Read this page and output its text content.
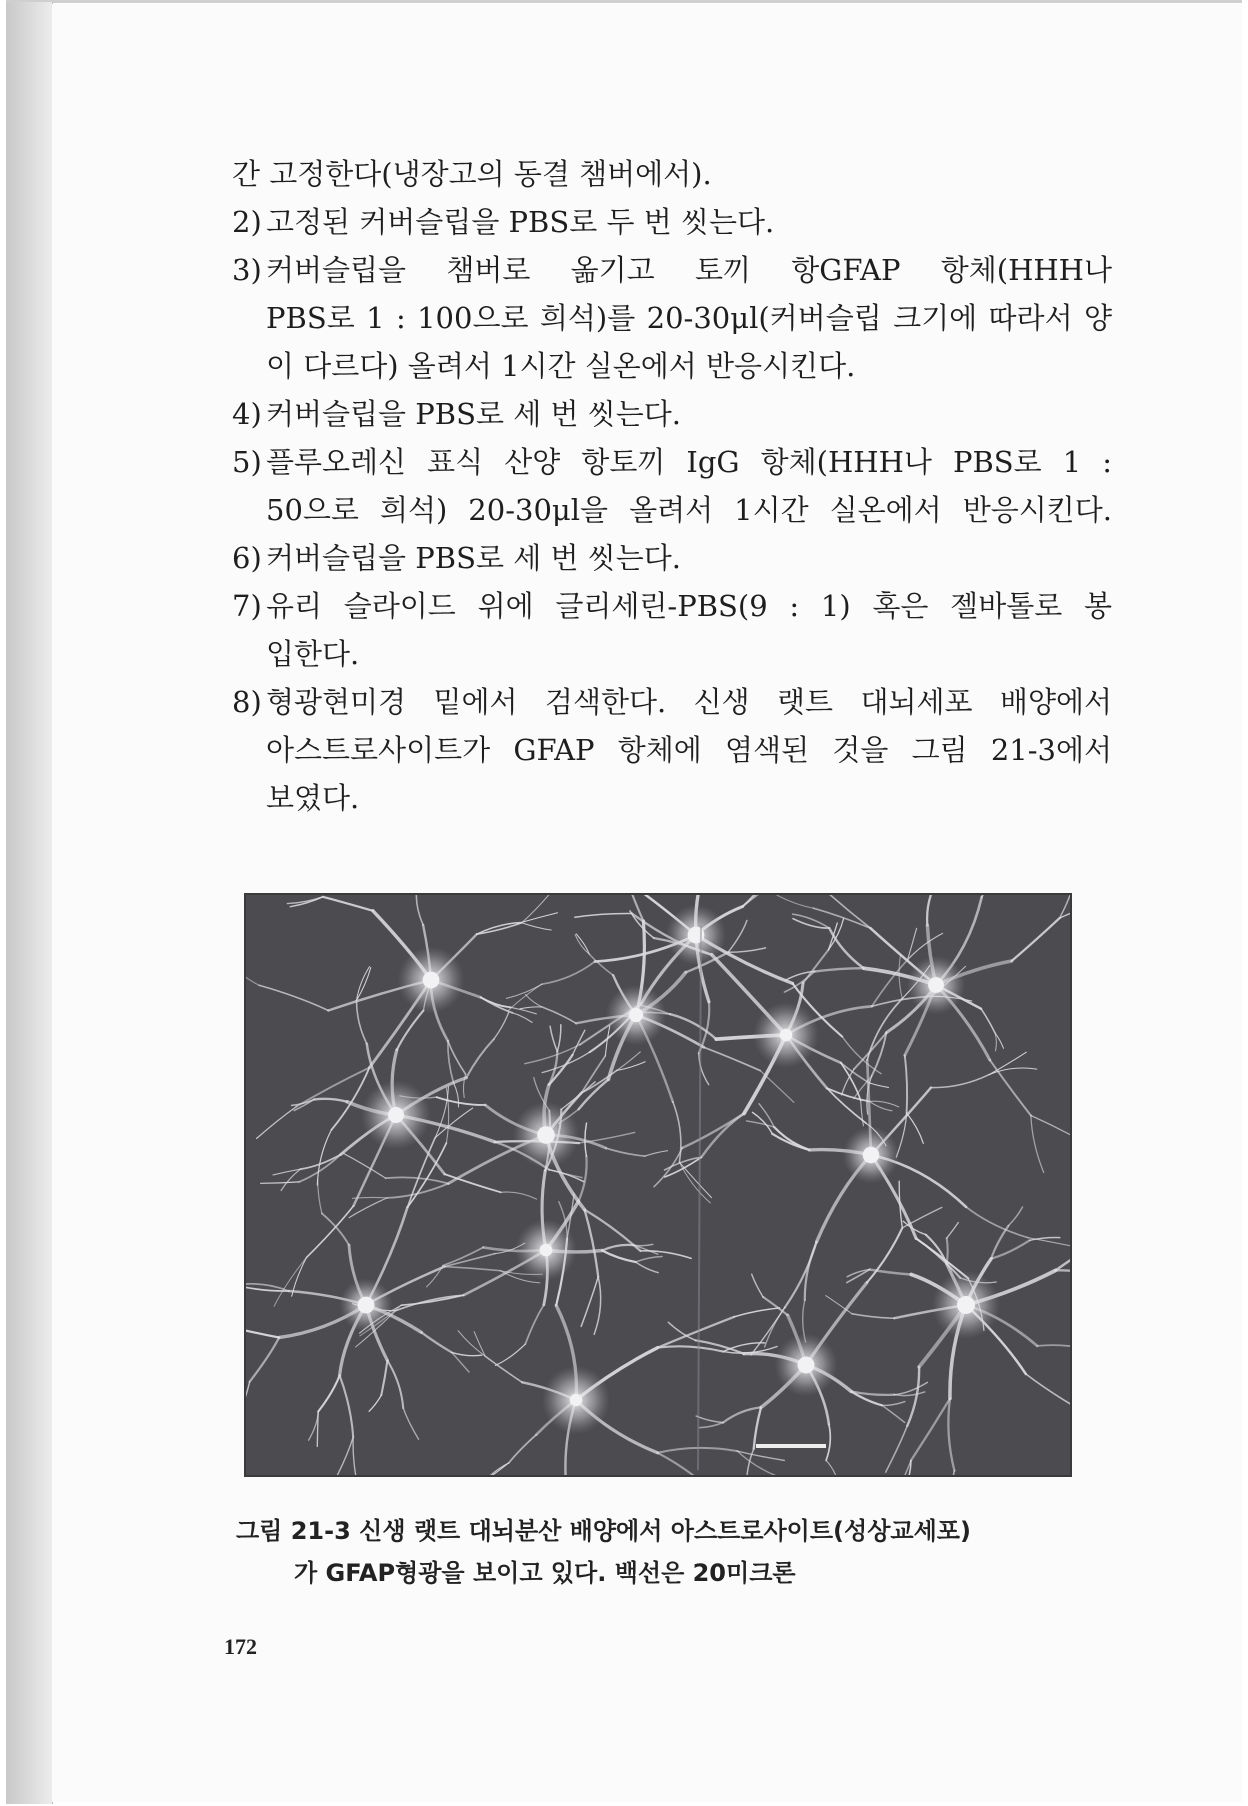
간 고정한다(냉장고의 동결 챔버에서).
2) 고정된 커버슬립을 PBS로 두 번 씻는다.
3) 커버슬립을 챔버로 옮기고 토끼 항GFAP 항체(HHH나
PBS로 1 : 100으로 희석)를 20-30μl(커버슬립 크기에 따라서 양
이 다르다) 올려서 1시간 실온에서 반응시킨다.
4) 커버슬립을 PBS로 세 번 씻는다.
5) 플루오레신 표식 산양 항토끼 IgG 항체(HHH나 PBS로 1 :
50으로 희석) 20-30μl을 올려서 1시간 실온에서 반응시킨다.
6) 커버슬립을 PBS로 세 번 씻는다.
7) 유리 슬라이드 위에 글리세린-PBS(9 : 1) 혹은 젤바톨로 봉
입한다.
8) 형광현미경 밑에서 검색한다. 신생 랫트 대뇌세포 배양에서
아스트로사이트가 GFAP 항체에 염색된 것을 그림 21-3에서
보였다.
그림 21-3 신생 랫트 대뇌분산 배양에서 아스트로사이트(성상교세포)
가 GFAP형광을 보이고 있다. 백선은 20미크론
172
